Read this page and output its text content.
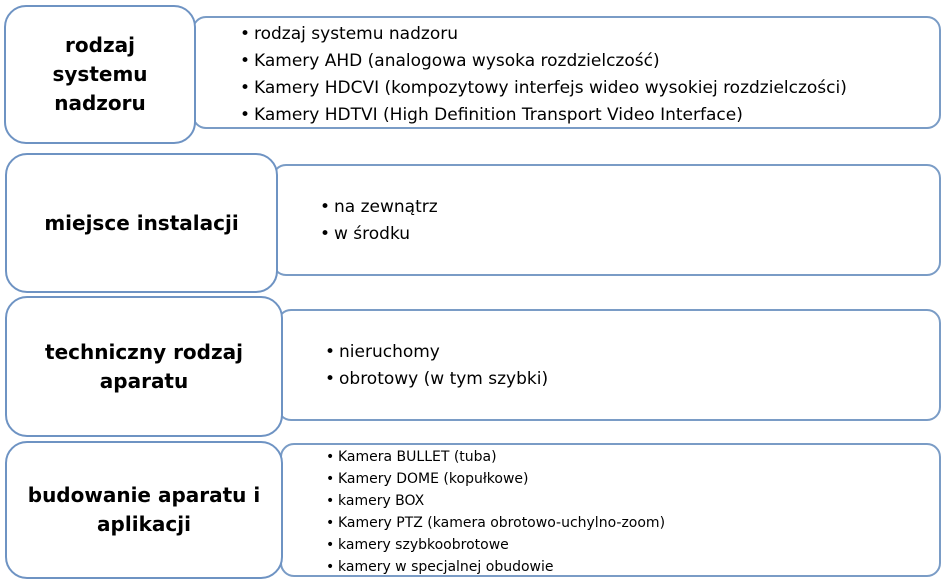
• rodzaj systemu nadzoru
• Kamery AHD (analogowa wysoka rozdzielczość)
• Kamery HDCVI (kompozytowy interfejs wideo wysokiej rozdzielczości)
• Kamery HDTVI (High Definition Transport Video Interface)
rodzaj systemu nadzoru
• na zewnątrz
• w środku
miejsce instalacji
• nieruchomy
• obrotowy (w tym szybki)
techniczny rodzaj aparatu
• Kamera BULLET (tuba)
• Kamery DOME (kopułkowe)
• kamery BOX
• Kamery PTZ (kamera obrotowo-uchylno-zoom)
• kamery szybkoobrotowe
• kamery w specjalnej obudowie
budowanie aparatu i aplikacji
